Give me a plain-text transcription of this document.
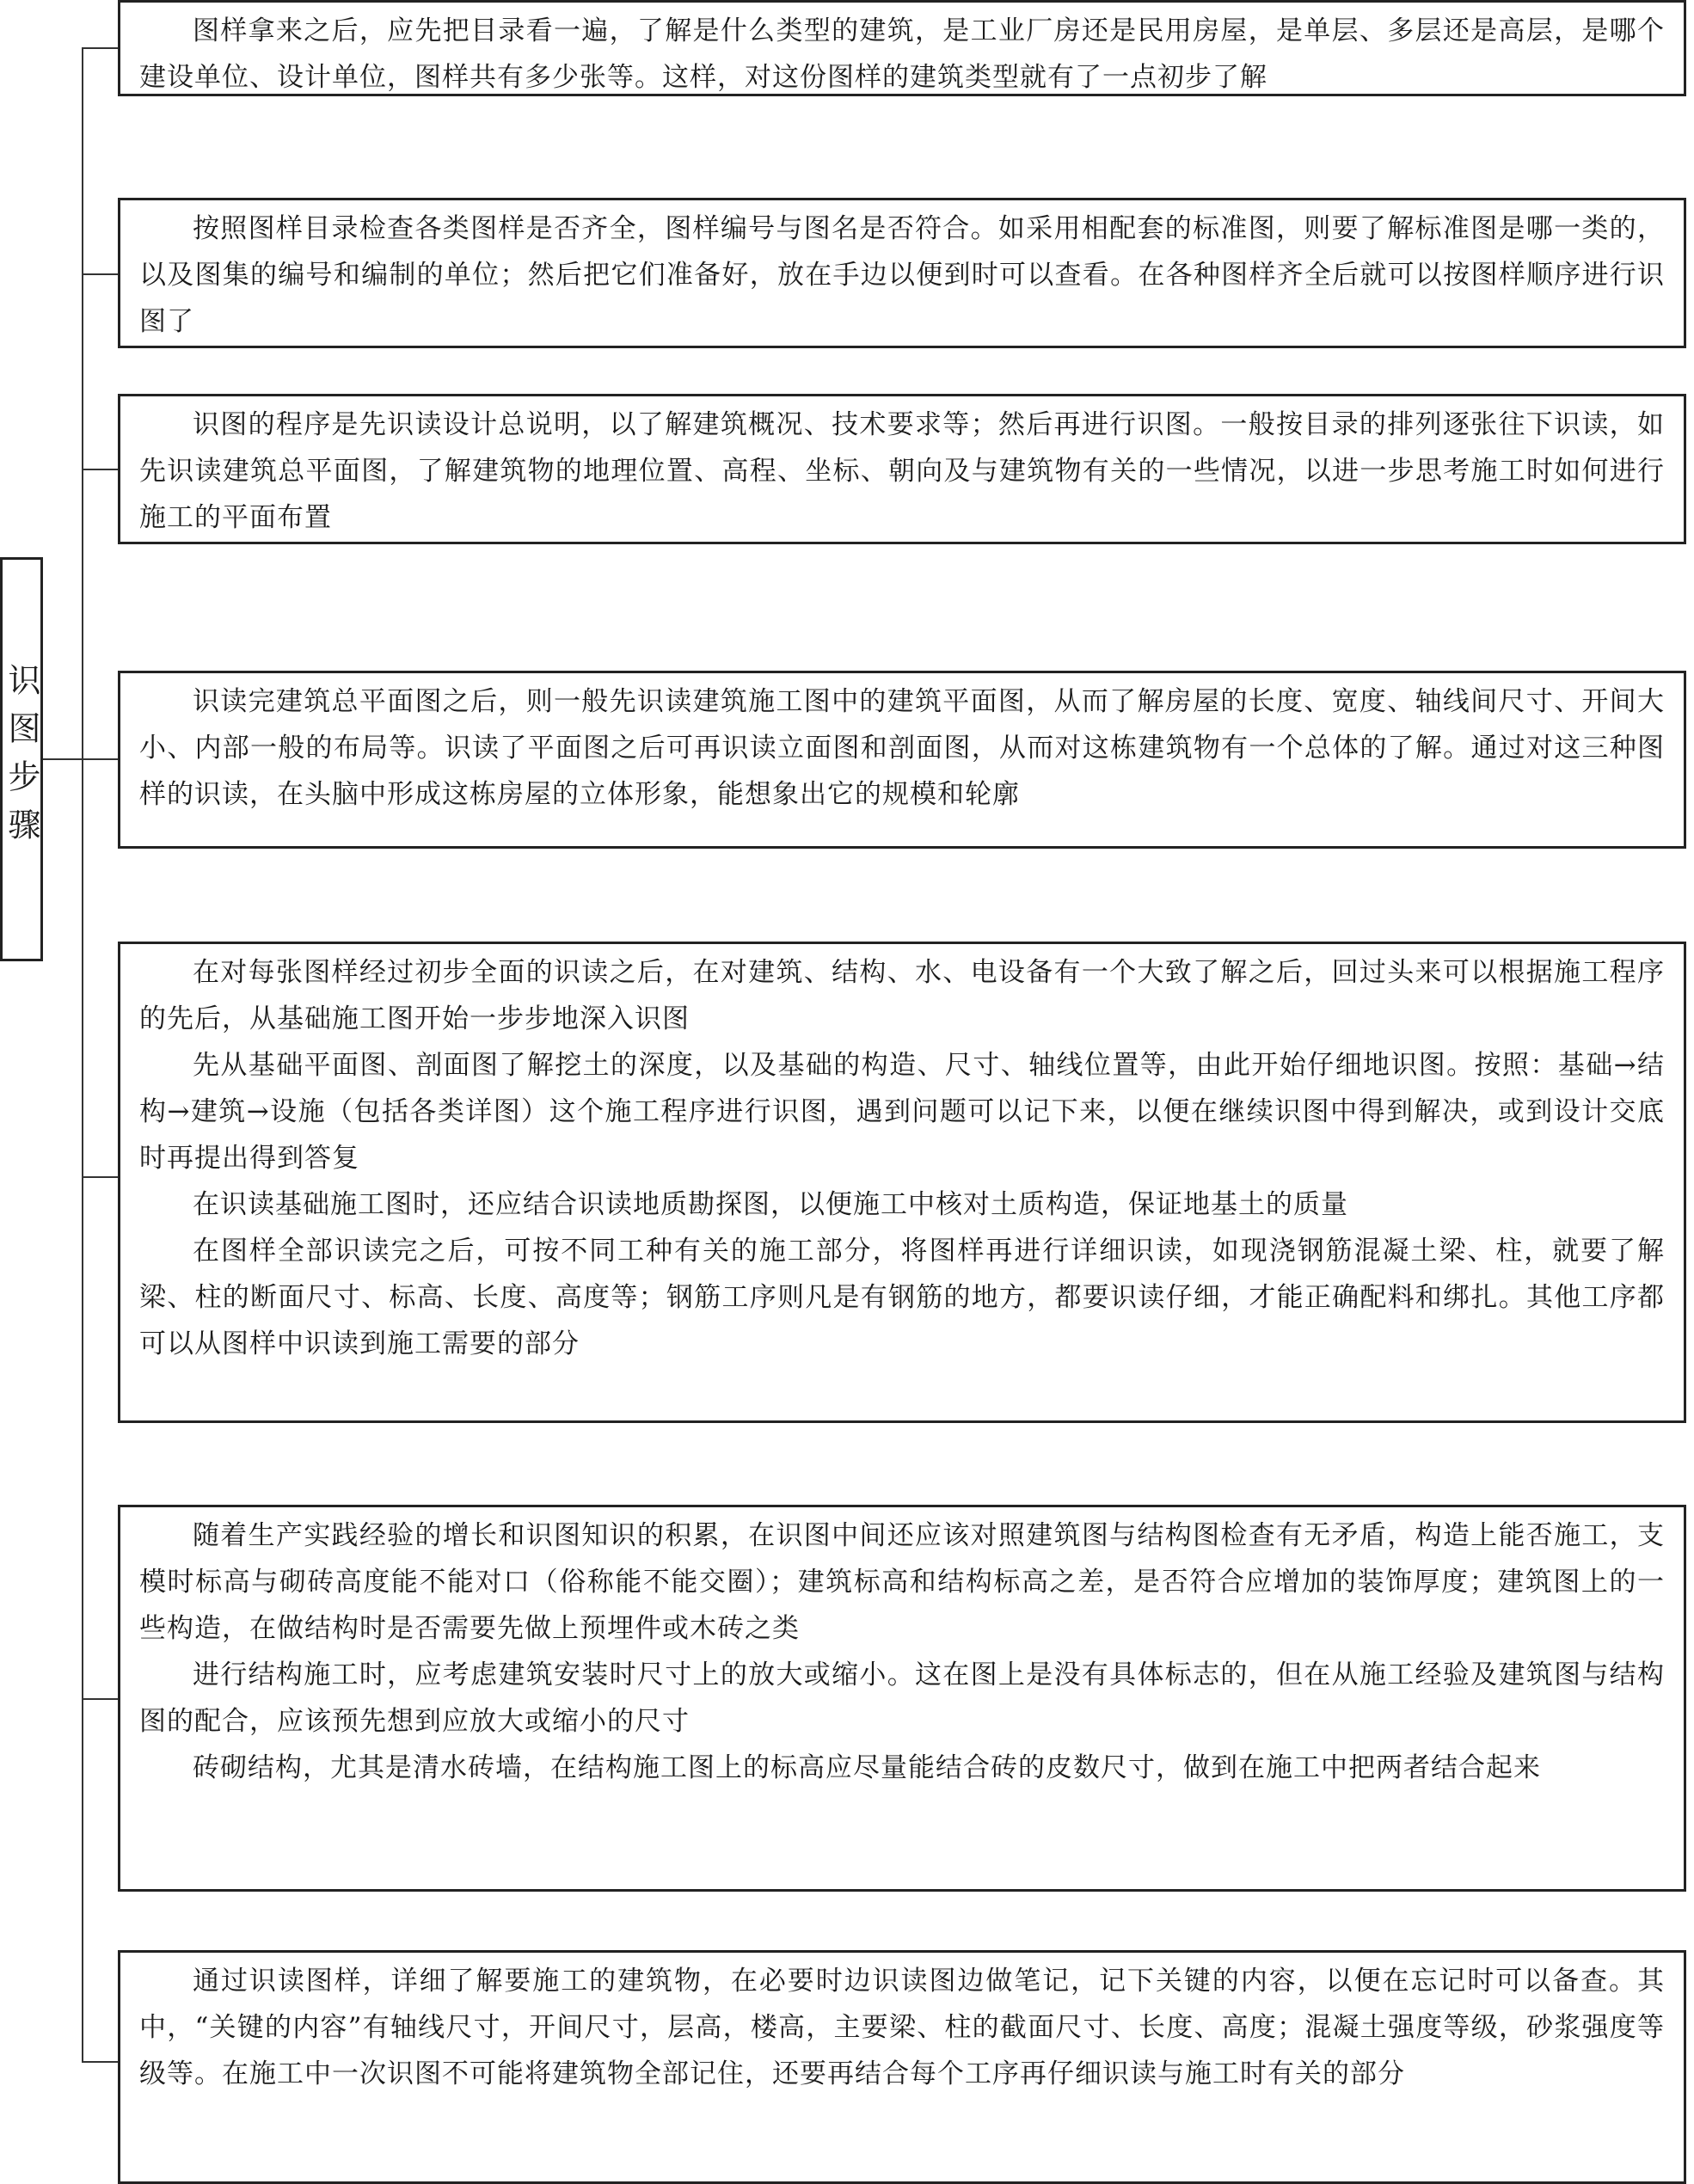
识图步骤

图样拿来之后，应先把目录看一遍，了解是什么类型的建筑，是工业厂房还是民用房屋，是单层、多层还是高层，是哪个建设单位、设计单位，图样共有多少张等。这样，对这份图样的建筑类型就有了一点初步了解

按照图样目录检查各类图样是否齐全，图样编号与图名是否符合。如采用相配套的标准图，则要了解标准图是哪一类的，以及图集的编号和编制的单位；然后把它们准备好，放在手边以便到时可以查看。在各种图样齐全后就可以按图样顺序进行识图了

识图的程序是先识读设计总说明，以了解建筑概况、技术要求等；然后再进行识图。一般按目录的排列逐张往下识读，如先识读建筑总平面图，了解建筑物的地理位置、高程、坐标、朝向及与建筑物有关的一些情况，以进一步思考施工时如何进行施工的平面布置

识读完建筑总平面图之后，则一般先识读建筑施工图中的建筑平面图，从而了解房屋的长度、宽度、轴线间尺寸、开间大小、内部一般的布局等。识读了平面图之后可再识读立面图和剖面图，从而对这栋建筑物有一个总体的了解。通过对这三种图样的识读，在头脑中形成这栋房屋的立体形象，能想象出它的规模和轮廓

在对每张图样经过初步全面的识读之后，在对建筑、结构、水、电设备有一个大致了解之后，回过头来可以根据施工程序的先后，从基础施工图开始一步步地深入识图

先从基础平面图、剖面图了解挖土的深度，以及基础的构造、尺寸、轴线位置等，由此开始仔细地识图。按照：基础→结构→建筑→设施（包括各类详图）这个施工程序进行识图，遇到问题可以记下来，以便在继续识图中得到解决，或到设计交底时再提出得到答复

在识读基础施工图时，还应结合识读地质勘探图，以便施工中核对土质构造，保证地基土的质量

在图样全部识读完之后，可按不同工种有关的施工部分，将图样再进行详细识读，如现浇钢筋混凝土梁、柱，就要了解梁、柱的断面尺寸、标高、长度、高度等；钢筋工序则凡是有钢筋的地方，都要识读仔细，才能正确配料和绑扎。其他工序都可以从图样中识读到施工需要的部分

随着生产实践经验的增长和识图知识的积累，在识图中间还应该对照建筑图与结构图检查有无矛盾，构造上能否施工，支模时标高与砌砖高度能不能对口（俗称能不能交圈）；建筑标高和结构标高之差，是否符合应增加的装饰厚度；建筑图上的一些构造，在做结构时是否需要先做上预埋件或木砖之类

进行结构施工时，应考虑建筑安装时尺寸上的放大或缩小。这在图上是没有具体标志的，但在从施工经验及建筑图与结构图的配合，应该预先想到应放大或缩小的尺寸

砖砌结构，尤其是清水砖墙，在结构施工图上的标高应尽量能结合砖的皮数尺寸，做到在施工中把两者结合起来

通过识读图样，详细了解要施工的建筑物，在必要时边识读图边做笔记，记下关键的内容，以便在忘记时可以备查。其中，“关键的内容”有轴线尺寸，开间尺寸，层高，楼高，主要梁、柱的截面尺寸、长度、高度；混凝土强度等级，砂浆强度等级等。在施工中一次识图不可能将建筑物全部记住，还要再结合每个工序再仔细识读与施工时有关的部分
